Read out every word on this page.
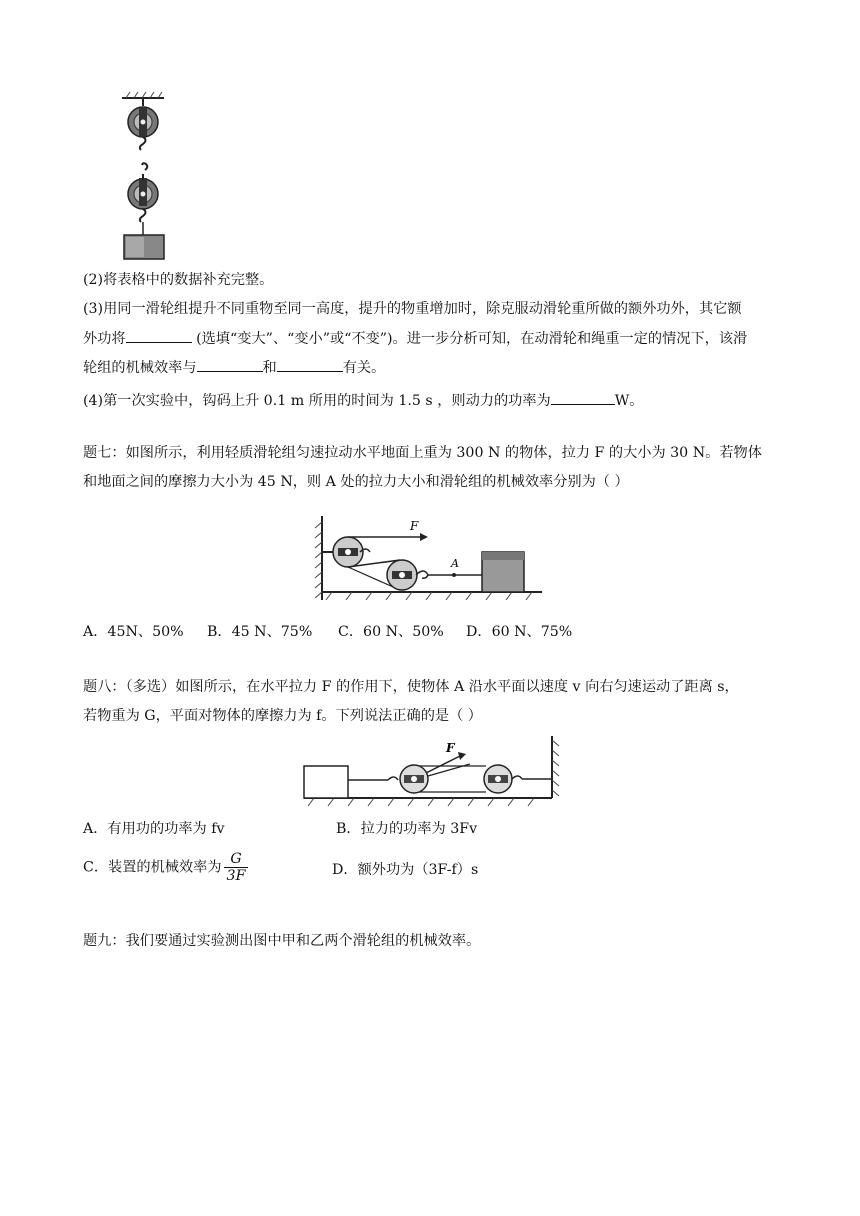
(2)将表格中的数据补充完整。
(3)用同一滑轮组提升不同重物至同一高度，提升的物重增加时，除克服动滑轮重所做的额外功外，其它额
外功将	(选填“变大”、“变小”或“不变”)。进一步分析可知，在动滑轮和绳重一定的情况下，该滑
轮组的机械效率与	和	有关。
(4)第一次实验中，钩码上升 0.1 m 所用的时间为 1.5 s ，则动力的功率为	W。
题七：如图所示，利用轻质滑轮组匀速拉动水平地面上重为 300 N 的物体，拉力 F 的大小为 30 N。若物体
和地面之间的摩擦力大小为 45 N，则 A 处的拉力大小和滑轮组的机械效率分别为（ ）
F
A
A．45N、50% B．45 N、75% C．60 N、50% D．60 N、75%
题八：（多选）如图所示，在水平拉力 F 的作用下，使物体 A 沿水平面以速度 v 向右匀速运动了距离 s，
若物重为 G，平面对物体的摩擦力为 f。下列说法正确的是（ ）
F
A．有用功的功率为 fv	B．拉力的功率为 3Fv
C．装置的机械效率为 $\frac{G}{3F}$	D．额外功为（3F-f）s
题九：我们要通过实验测出图中甲和乙两个滑轮组的机械效率。
